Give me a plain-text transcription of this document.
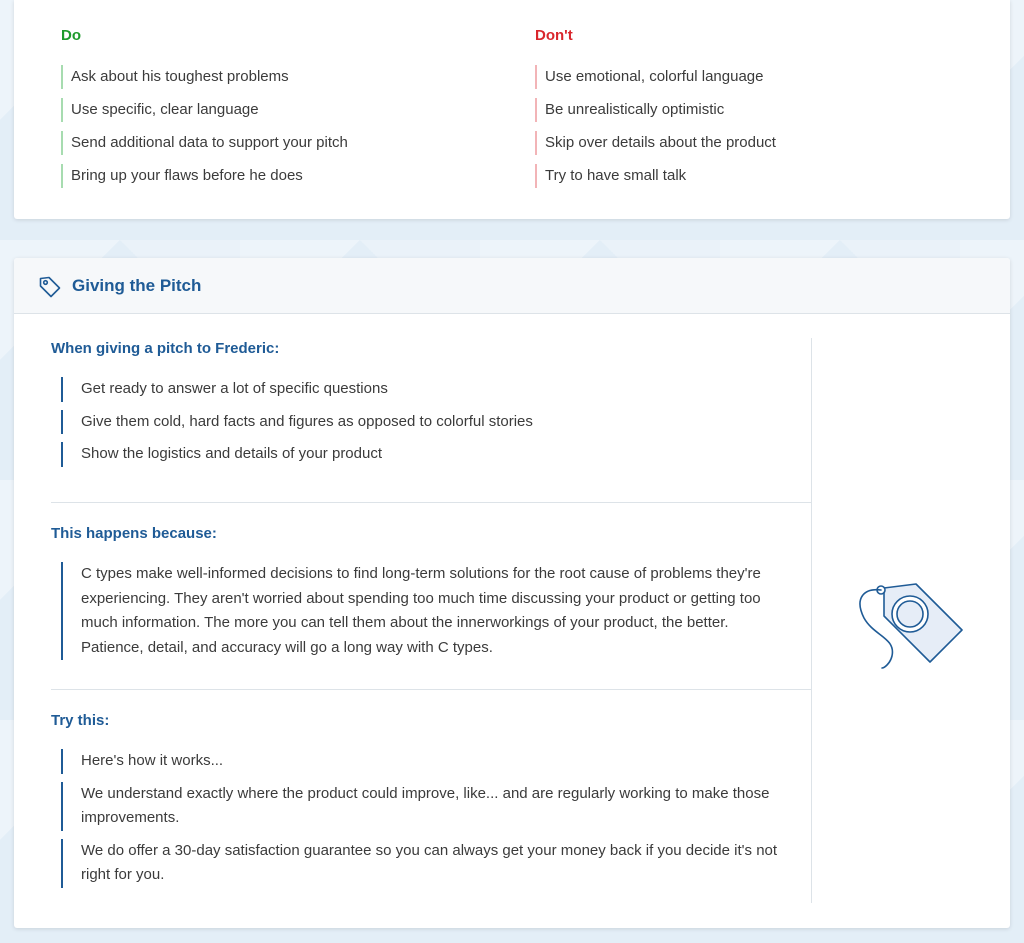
Do
Ask about his toughest problems
Use specific, clear language
Send additional data to support your pitch
Bring up your flaws before he does
Don't
Use emotional, colorful language
Be unrealistically optimistic
Skip over details about the product
Try to have small talk
Giving the Pitch
When giving a pitch to Frederic:
Get ready to answer a lot of specific questions
Give them cold, hard facts and figures as opposed to colorful stories
Show the logistics and details of your product
This happens because:
C types make well-informed decisions to find long-term solutions for the root cause of problems they're experiencing. They aren't worried about spending too much time discussing your product or getting too much information. The more you can tell them about the innerworkings of your product, the better. Patience, detail, and accuracy will go a long way with C types.
Try this:
Here's how it works...
We understand exactly where the product could improve, like... and are regularly working to make those improvements.
We do offer a 30-day satisfaction guarantee so you can always get your money back if you decide it's not right for you.
